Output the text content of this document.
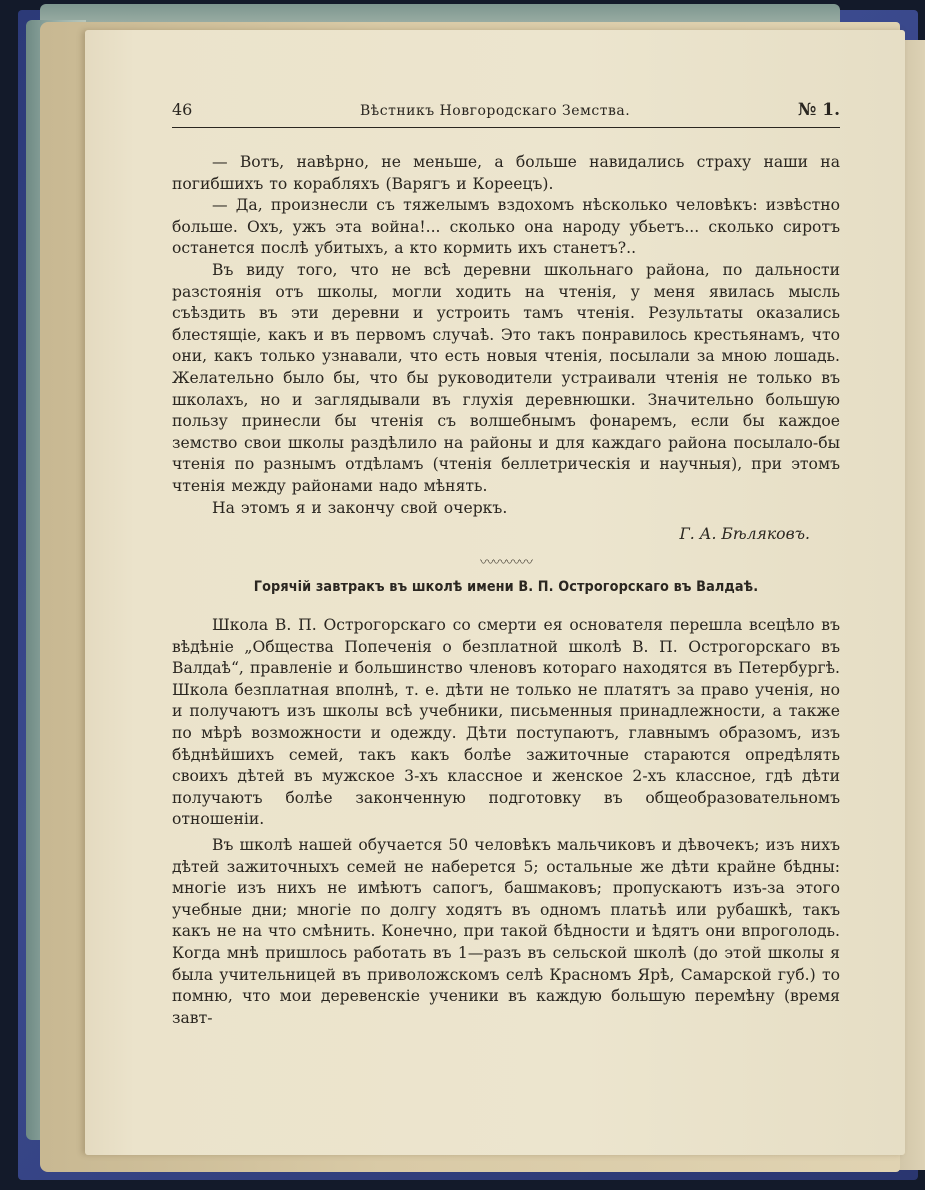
46	Вѣстникъ Новгородскаго Земства.	№ 1.

— Вотъ, навѣрно, не меньше, а больше навидались страху наши на погибшихъ то корабляхъ (Варягъ и Кореецъ).

— Да, произнесли съ тяжелымъ вздохомъ нѣсколько человѣкъ: извѣстно больше. Охъ, ужъ эта война!... сколько она народу убьетъ... сколько сиротъ останется послѣ убитыхъ, а кто кормить ихъ станетъ?..

Въ виду того, что не всѣ деревни школьнагo района, по дальности разстоянія отъ школы, могли ходить на чтенія, у меня явилась мысль съѣздить въ эти деревни и устроить тамъ чтенія. Результаты оказались блестящіе, какъ и въ первомъ случаѣ. Это такъ понравилось крестьянамъ, что они, какъ только узнавали, что есть новыя чтенія, посылали за мною лошадь. Желательно было бы, что бы руководители устраивали чтенія не только въ школахъ, но и заглядывали въ глухія деревнюшки. Значительно большую пользу принесли бы чтенія съ волшебнымъ фонаремъ, если бы каждое земство свои школы раздѣлило на районы и для каждаго района посылало-бы чтенія по разнымъ отдѣламъ (чтенія беллетрическія и научныя), при этомъ чтенія между районами надо мѣнять.

На этомъ я и закончу свой очеркъ.

Г. А. Бѣляковъ.
〰〰〰〰
Горячій завтракъ въ школѣ имени В. П. Острогорскаго въ Валдаѣ.

Школа В. П. Острогорскаго со смерти ея основателя перешла всецѣло въ вѣдѣніе „Общества Попеченія о безплатной школѣ В. П. Острогорскаго въ Валдаѣ“, правленіе и большинство членовъ котораго находятся въ Петербургѣ. Школа безплатная вполнѣ, т. е. дѣти не только не платятъ за право ученія, но и получаютъ изъ школы всѣ учебники, письменныя принадлежности, а также по мѣрѣ возможности и одежду. Дѣти поступаютъ, главнымъ образомъ, изъ бѣднѣйшихъ семей, такъ какъ болѣе зажиточные стараются опредѣлять своихъ дѣтей въ мужское 3-хъ классное и женское 2-хъ классное, гдѣ дѣти получаютъ болѣе законченную подготовку въ общеобразовательномъ отношеніи.

Въ школѣ нашей обучается 50 человѣкъ мальчиковъ и дѣвочекъ; изъ нихъ дѣтей зажиточныхъ семей не наберется 5; остальные же дѣти крайне бѣдны: многіе изъ нихъ не имѣютъ сапогъ, башмаковъ; пропускаютъ изъ-за этого учебные дни; многіе по долгу ходятъ въ одномъ платьѣ или рубашкѣ, такъ какъ не на что смѣнить. Конечно, при такой бѣдности и ѣдятъ они впроголодь. Когда мнѣ пришлось работать въ 1—разъ въ сельской школѣ (до этой школы я была учительницей въ приволожскомъ селѣ Красномъ Ярѣ, Самарской губ.) то помню, что мои деревенскіе ученики въ каждую большую перемѣну (время завт-
